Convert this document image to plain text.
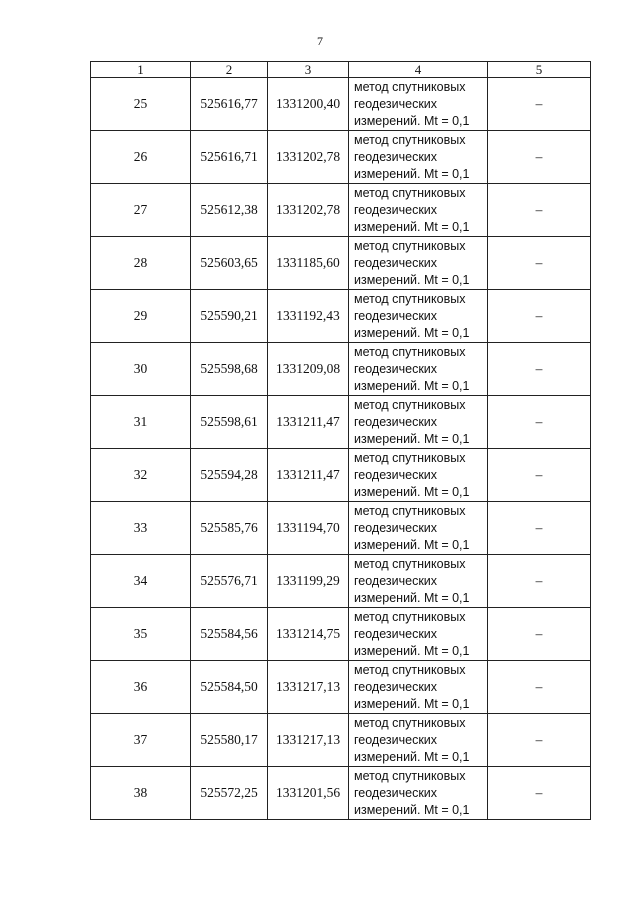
7
1	2	3	4	5
25	525616,77	1331200,40	метод спутниковых
геодезических
измерений. Mt = 0,1	–
26	525616,71	1331202,78	метод спутниковых
геодезических
измерений. Mt = 0,1	–
27	525612,38	1331202,78	метод спутниковых
геодезических
измерений. Mt = 0,1	–
28	525603,65	1331185,60	метод спутниковых
геодезических
измерений. Mt = 0,1	–
29	525590,21	1331192,43	метод спутниковых
геодезических
измерений. Mt = 0,1	–
30	525598,68	1331209,08	метод спутниковых
геодезических
измерений. Mt = 0,1	–
31	525598,61	1331211,47	метод спутниковых
геодезических
измерений. Mt = 0,1	–
32	525594,28	1331211,47	метод спутниковых
геодезических
измерений. Mt = 0,1	–
33	525585,76	1331194,70	метод спутниковых
геодезических
измерений. Mt = 0,1	–
34	525576,71	1331199,29	метод спутниковых
геодезических
измерений. Mt = 0,1	–
35	525584,56	1331214,75	метод спутниковых
геодезических
измерений. Mt = 0,1	–
36	525584,50	1331217,13	метод спутниковых
геодезических
измерений. Mt = 0,1	–
37	525580,17	1331217,13	метод спутниковых
геодезических
измерений. Mt = 0,1	–
38	525572,25	1331201,56	метод спутниковых
геодезических
измерений. Mt = 0,1	–
